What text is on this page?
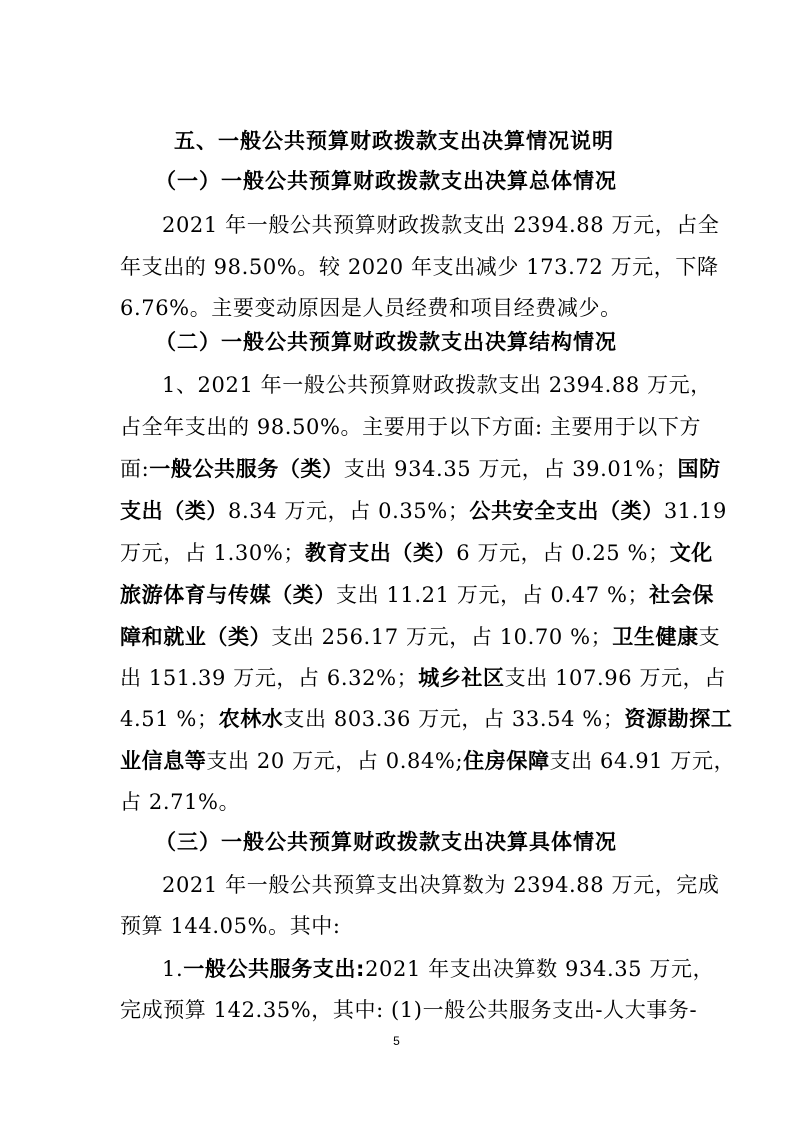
五、一般公共预算财政拨款支出决算情况说明
（一）一般公共预算财政拨款支出决算总体情况
2021 年一般公共预算财政拨款支出 2394.88 万元，占全
年支出的 98.50%。较 2020 年支出减少 173.72 万元，下降
6.76%。主要变动原因是人员经费和项目经费减少。
（二）一般公共预算财政拨款支出决算结构情况
1、2021 年一般公共预算财政拨款支出 2394.88 万元，
占全年支出的 98.50%。主要用于以下方面: 主要用于以下方
面:一般公共服务（类）支出 934.35 万元，占 39.01%；国防
支出（类）8.34 万元，占 0.35%；公共安全支出（类）31.19
万元，占 1.30%；教育支出（类）6 万元，占 0.25 %；文化
旅游体育与传媒（类）支出 11.21 万元，占 0.47 %；社会保
障和就业（类）支出 256.17 万元，占 10.70 %；卫生健康支
出 151.39 万元，占 6.32%；城乡社区支出 107.96 万元，占
4.51 %；农林水支出 803.36 万元，占 33.54 %；资源勘探工
业信息等支出 20 万元，占 0.84%;住房保障支出 64.91 万元，
占 2.71%。
（三）一般公共预算财政拨款支出决算具体情况
2021 年一般公共预算支出决算数为 2394.88 万元，完成
预算 144.05%。其中:
1.一般公共服务支出:2021 年支出决算数 934.35 万元，
完成预算 142.35%，其中: (1)一般公共服务支出-人大事务-
5
